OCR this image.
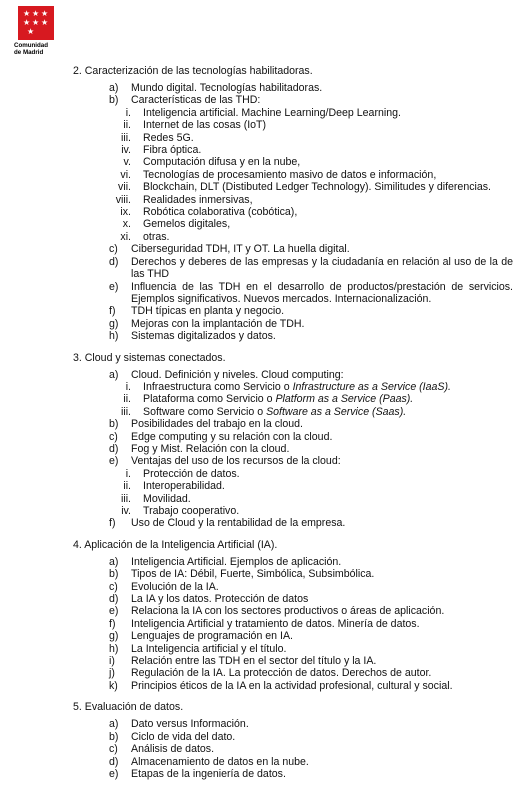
★ ★ ★
★ ★ ★
★
Comunidad
de Madrid
2. Caracterización de las tecnologías habilitadoras.
a) Mundo digital. Tecnologías habilitadoras.
b) Características de las THD:
i. Inteligencia artificial. Machine Learning/Deep Learning.
ii. Internet de las cosas (IoT)
iii. Redes 5G.
iv. Fibra óptica.
v. Computación difusa y en la nube,
vi. Tecnologías de procesamiento masivo de datos e información,
vii. Blockchain, DLT (Distibuted Ledger Technology). Similitudes y diferencias.
viii. Realidades inmersivas,
ix. Robótica colaborativa (cobótica),
x. Gemelos digitales,
xi. otras.
c) Ciberseguridad TDH, IT y OT. La huella digital.
d) Derechos y deberes de las empresas y la ciudadanía en relación al uso de la de las THD
e) Influencia de las TDH en el desarrollo de productos/prestación de servicios. Ejemplos significativos. Nuevos mercados. Internacionalización.
f)	TDH típicas en planta y negocio.
g) Mejoras con la implantación de TDH.
h) Sistemas digitalizados y datos.
3. Cloud y sistemas conectados.
a) Cloud. Definición y niveles. Cloud computing:
i. Infraestructura como Servicio o Infrastructure as a Service (IaaS).
ii. Plataforma como Servicio o Platform as a Service (Paas).
iii. Software como Servicio o Software as a Service (Saas).
b) Posibilidades del trabajo en la cloud.
c) Edge computing y su relación con la cloud.
d) Fog y Mist. Relación con la cloud.
e) Ventajas del uso de los recursos de la cloud:
i. Protección de datos.
ii. Interoperabilidad.
iii. Movilidad.
iv. Trabajo cooperativo.
f)	Uso de Cloud y la rentabilidad de la empresa.
4. Aplicación de la Inteligencia Artificial (IA).
a) Inteligencia Artificial. Ejemplos de aplicación.
b) Tipos de IA: Débil, Fuerte, Simbólica, Subsimbólica.
c) Evolución de la IA.
d) La IA y los datos. Protección de datos
e) Relaciona la IA con los sectores productivos o áreas de aplicación.
f)	Inteligencia Artificial y tratamiento de datos. Minería de datos.
g) Lenguajes de programación en IA.
h) La Inteligencia artificial y el título.
i)	Relación entre las TDH en el sector del título y la IA.
j)	Regulación de la IA. La protección de datos. Derechos de autor.
k) Principios éticos de la IA en la actividad profesional, cultural y social.
5. Evaluación de datos.
a) Dato versus Información.
b) Ciclo de vida del dato.
c) Análisis de datos.
d) Almacenamiento de datos en la nube.
e) Etapas de la ingeniería de datos.
